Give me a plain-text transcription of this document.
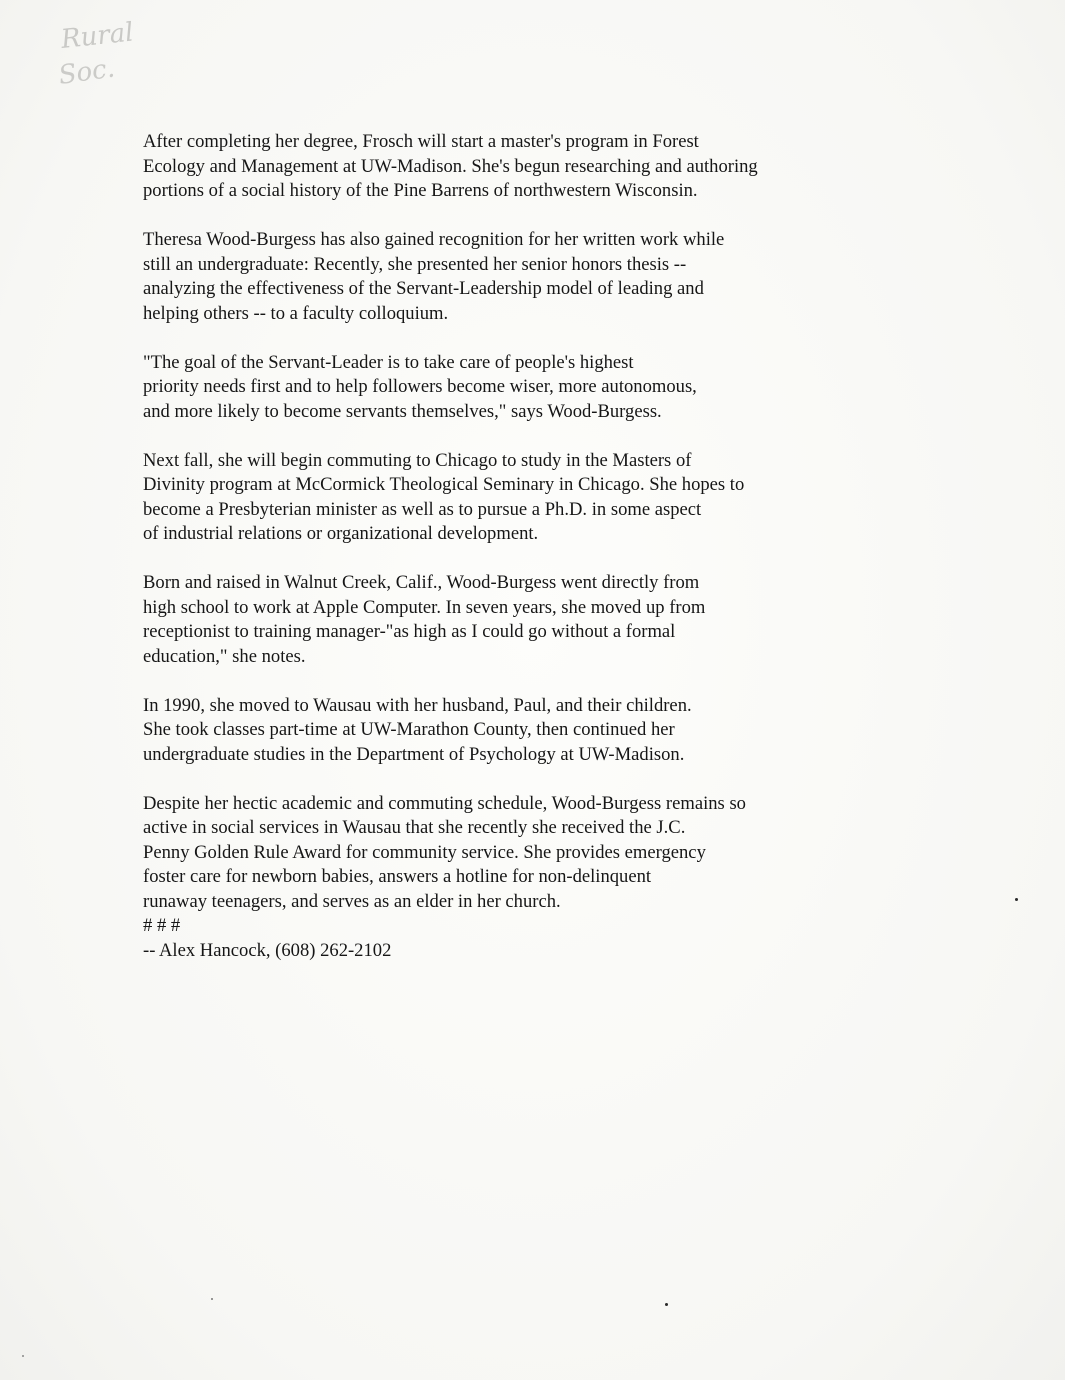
Rural
Soc.

After completing her degree, Frosch will start a master's program in Forest
Ecology and Management at UW-Madison. She's begun researching and authoring
portions of a social history of the Pine Barrens of northwestern Wisconsin.

Theresa Wood-Burgess has also gained recognition for her written work while
still an undergraduate: Recently, she presented her senior honors thesis --
analyzing the effectiveness of the Servant-Leadership model of leading and
helping others -- to a faculty colloquium.

"The goal of the Servant-Leader is to take care of people's highest
priority needs first and to help followers become wiser, more autonomous,
and more likely to become servants themselves," says Wood-Burgess.

Next fall, she will begin commuting to Chicago to study in the Masters of
Divinity program at McCormick Theological Seminary in Chicago. She hopes to
become a Presbyterian minister as well as to pursue a Ph.D. in some aspect
of industrial relations or organizational development.

Born and raised in Walnut Creek, Calif., Wood-Burgess went directly from
high school to work at Apple Computer. In seven years, she moved up from
receptionist to training manager-"as high as I could go without a formal
education," she notes.

In 1990, she moved to Wausau with her husband, Paul, and their children.
She took classes part-time at UW-Marathon County, then continued her
undergraduate studies in the Department of Psychology at UW-Madison.

Despite her hectic academic and commuting schedule, Wood-Burgess remains so
active in social services in Wausau that she recently she received the J.C.
Penny Golden Rule Award for community service. She provides emergency
foster care for newborn babies, answers a hotline for non-delinquent
runaway teenagers, and serves as an elder in her church.

# # #
-- Alex Hancock, (608) 262-2102
